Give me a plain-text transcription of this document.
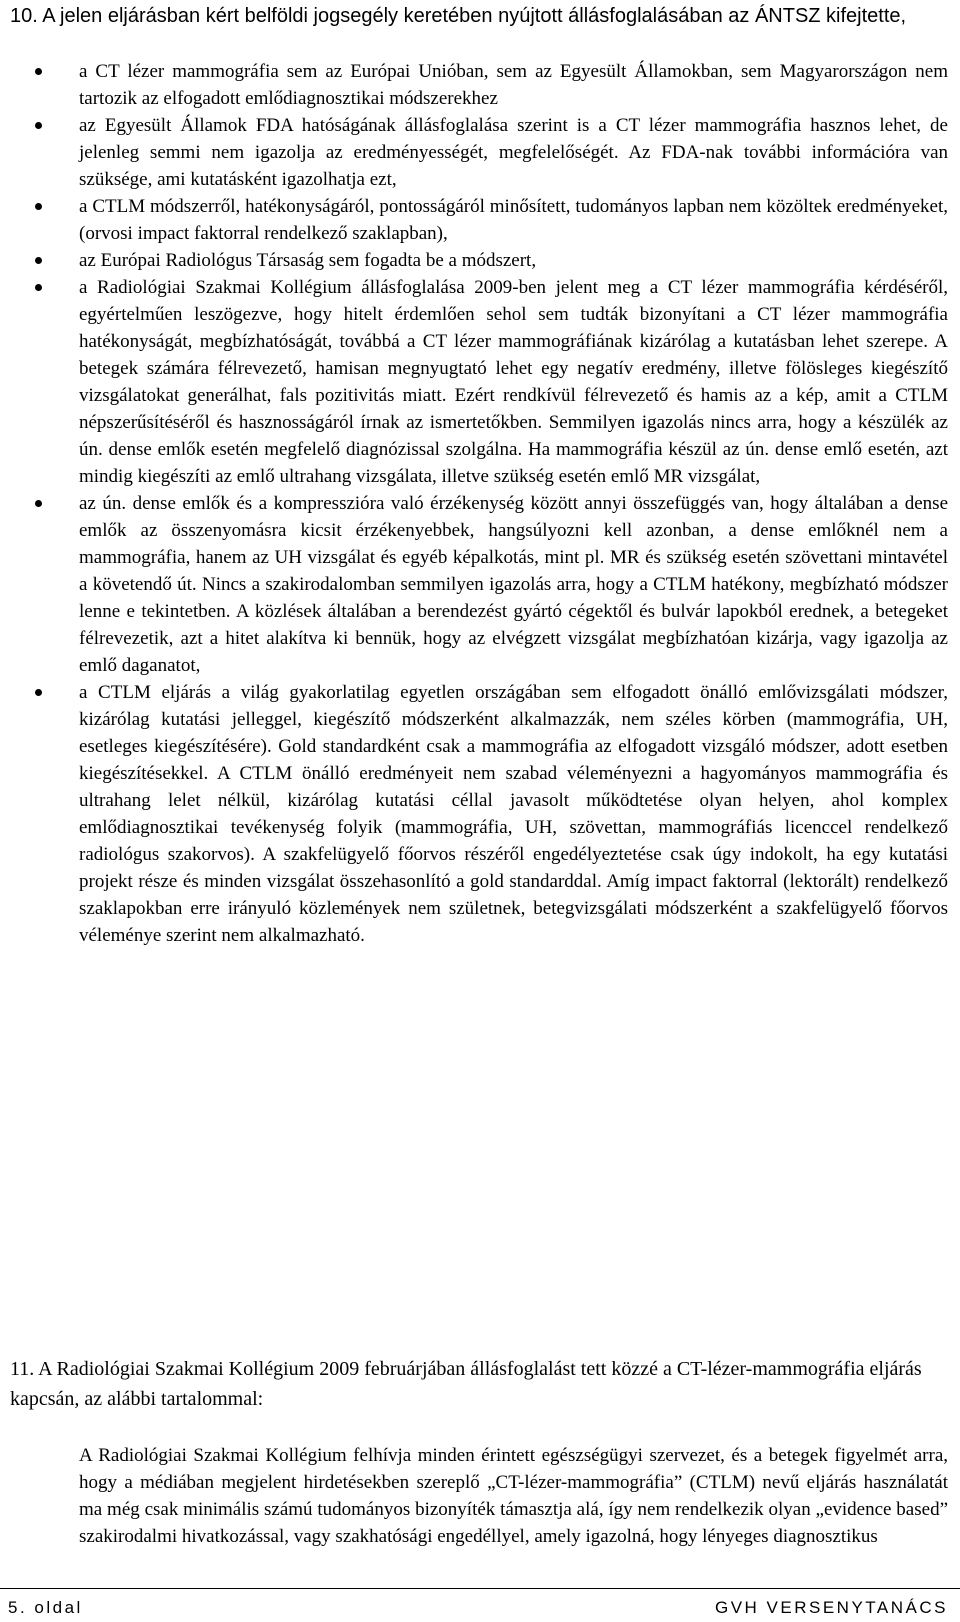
10. A jelen eljárásban kért belföldi jogsegély keretében nyújtott állásfoglalásában az ÁNTSZ kifejtette,

a CT lézer mammográfia sem az Európai Unióban, sem az Egyesült Államokban, sem Magyarországon nem tartozik az elfogadott emlődiagnosztikai módszerekhez

az Egyesült Államok FDA hatóságának állásfoglalása szerint is a CT lézer mammográfia hasznos lehet, de jelenleg semmi nem igazolja az eredményességét, megfelelőségét. Az FDA-nak további információra van szüksége, ami kutatásként igazolhatja ezt,

a CTLM módszerről, hatékonyságáról, pontosságáról minősített, tudományos lapban nem közöltek eredményeket, (orvosi impact faktorral rendelkező szaklapban),

az Európai Radiológus Társaság sem fogadta be a módszert,

a Radiológiai Szakmai Kollégium állásfoglalása 2009-ben jelent meg a CT lézer mammográfia kérdéséről, egyértelműen leszögezve, hogy hitelt érdemlően sehol sem tudták bizonyítani a CT lézer mammográfia hatékonyságát, megbízhatóságát, továbbá a CT lézer mammográfiának kizárólag a kutatásban lehet szerepe. A betegek számára félrevezető, hamisan megnyugtató lehet egy negatív eredmény, illetve fölösleges kiegészítő vizsgálatokat generálhat, fals pozitivitás miatt. Ezért rendkívül félrevezető és hamis az a kép, amit a CTLM népszerűsítéséről és hasznosságáról írnak az ismertetőkben. Semmilyen igazolás nincs arra, hogy a készülék az ún. dense emlők esetén megfelelő diagnózissal szolgálna. Ha mammográfia készül az ún. dense emlő esetén, azt mindig kiegészíti az emlő ultrahang vizsgálata, illetve szükség esetén emlő MR vizsgálat,

az ún. dense emlők és a kompresszióra való érzékenység között annyi összefüggés van, hogy általában a dense emlők az összenyomásra kicsit érzékenyebbek, hangsúlyozni kell azonban, a dense emlőknél nem a mammográfia, hanem az UH vizsgálat és egyéb képalkotás, mint pl. MR és szükség esetén szövettani mintavétel a követendő út. Nincs a szakirodalomban semmilyen igazolás arra, hogy a CTLM hatékony, megbízható módszer lenne e tekintetben. A közlések általában a berendezést gyártó cégektől és bulvár lapokból erednek, a betegeket félrevezetik, azt a hitet alakítva ki bennük, hogy az elvégzett vizsgálat megbízhatóan kizárja, vagy igazolja az emlő daganatot,

a CTLM eljárás a világ gyakorlatilag egyetlen országában sem elfogadott önálló emlővizsgálati módszer, kizárólag kutatási jelleggel, kiegészítő módszerként alkalmazzák, nem széles körben (mammográfia, UH, esetleges kiegészítésére). Gold standardként csak a mammográfia az elfogadott vizsgáló módszer, adott esetben kiegészítésekkel. A CTLM önálló eredményeit nem szabad véleményezni a hagyományos mammográfia és ultrahang lelet nélkül, kizárólag kutatási céllal javasolt működtetése olyan helyen, ahol komplex emlődiagnosztikai tevékenység folyik (mammográfia, UH, szövettan, mammográfiás licenccel rendelkező radiológus szakorvos). A szakfelügyelő főorvos részéről engedélyeztetése csak úgy indokolt, ha egy kutatási projekt része és minden vizsgálat összehasonlító a gold standarddal. Amíg impact faktorral (lektorált) rendelkező szaklapokban erre irányuló közlemények nem születnek, betegvizsgálati módszerként a szakfelügyelő főorvos véleménye szerint nem alkalmazható.

11. A Radiológiai Szakmai Kollégium 2009 februárjában állásfoglalást tett közzé a CT-lézer-mammográfia eljárás kapcsán, az alábbi tartalommal:

A Radiológiai Szakmai Kollégium felhívja minden érintett egészségügyi szervezet, és a betegek figyelmét arra, hogy a médiában megjelent hirdetésekben szereplő „CT-lézer-mammográfia” (CTLM) nevű eljárás használatát ma még csak minimális számú tudományos bizonyíték támasztja alá, így nem rendelkezik olyan „evidence based” szakirodalmi hivatkozással, vagy szakhatósági engedéllyel, amely igazolná, hogy lényeges diagnosztikus

5. oldal	GVH VERSENYTANÁCS
